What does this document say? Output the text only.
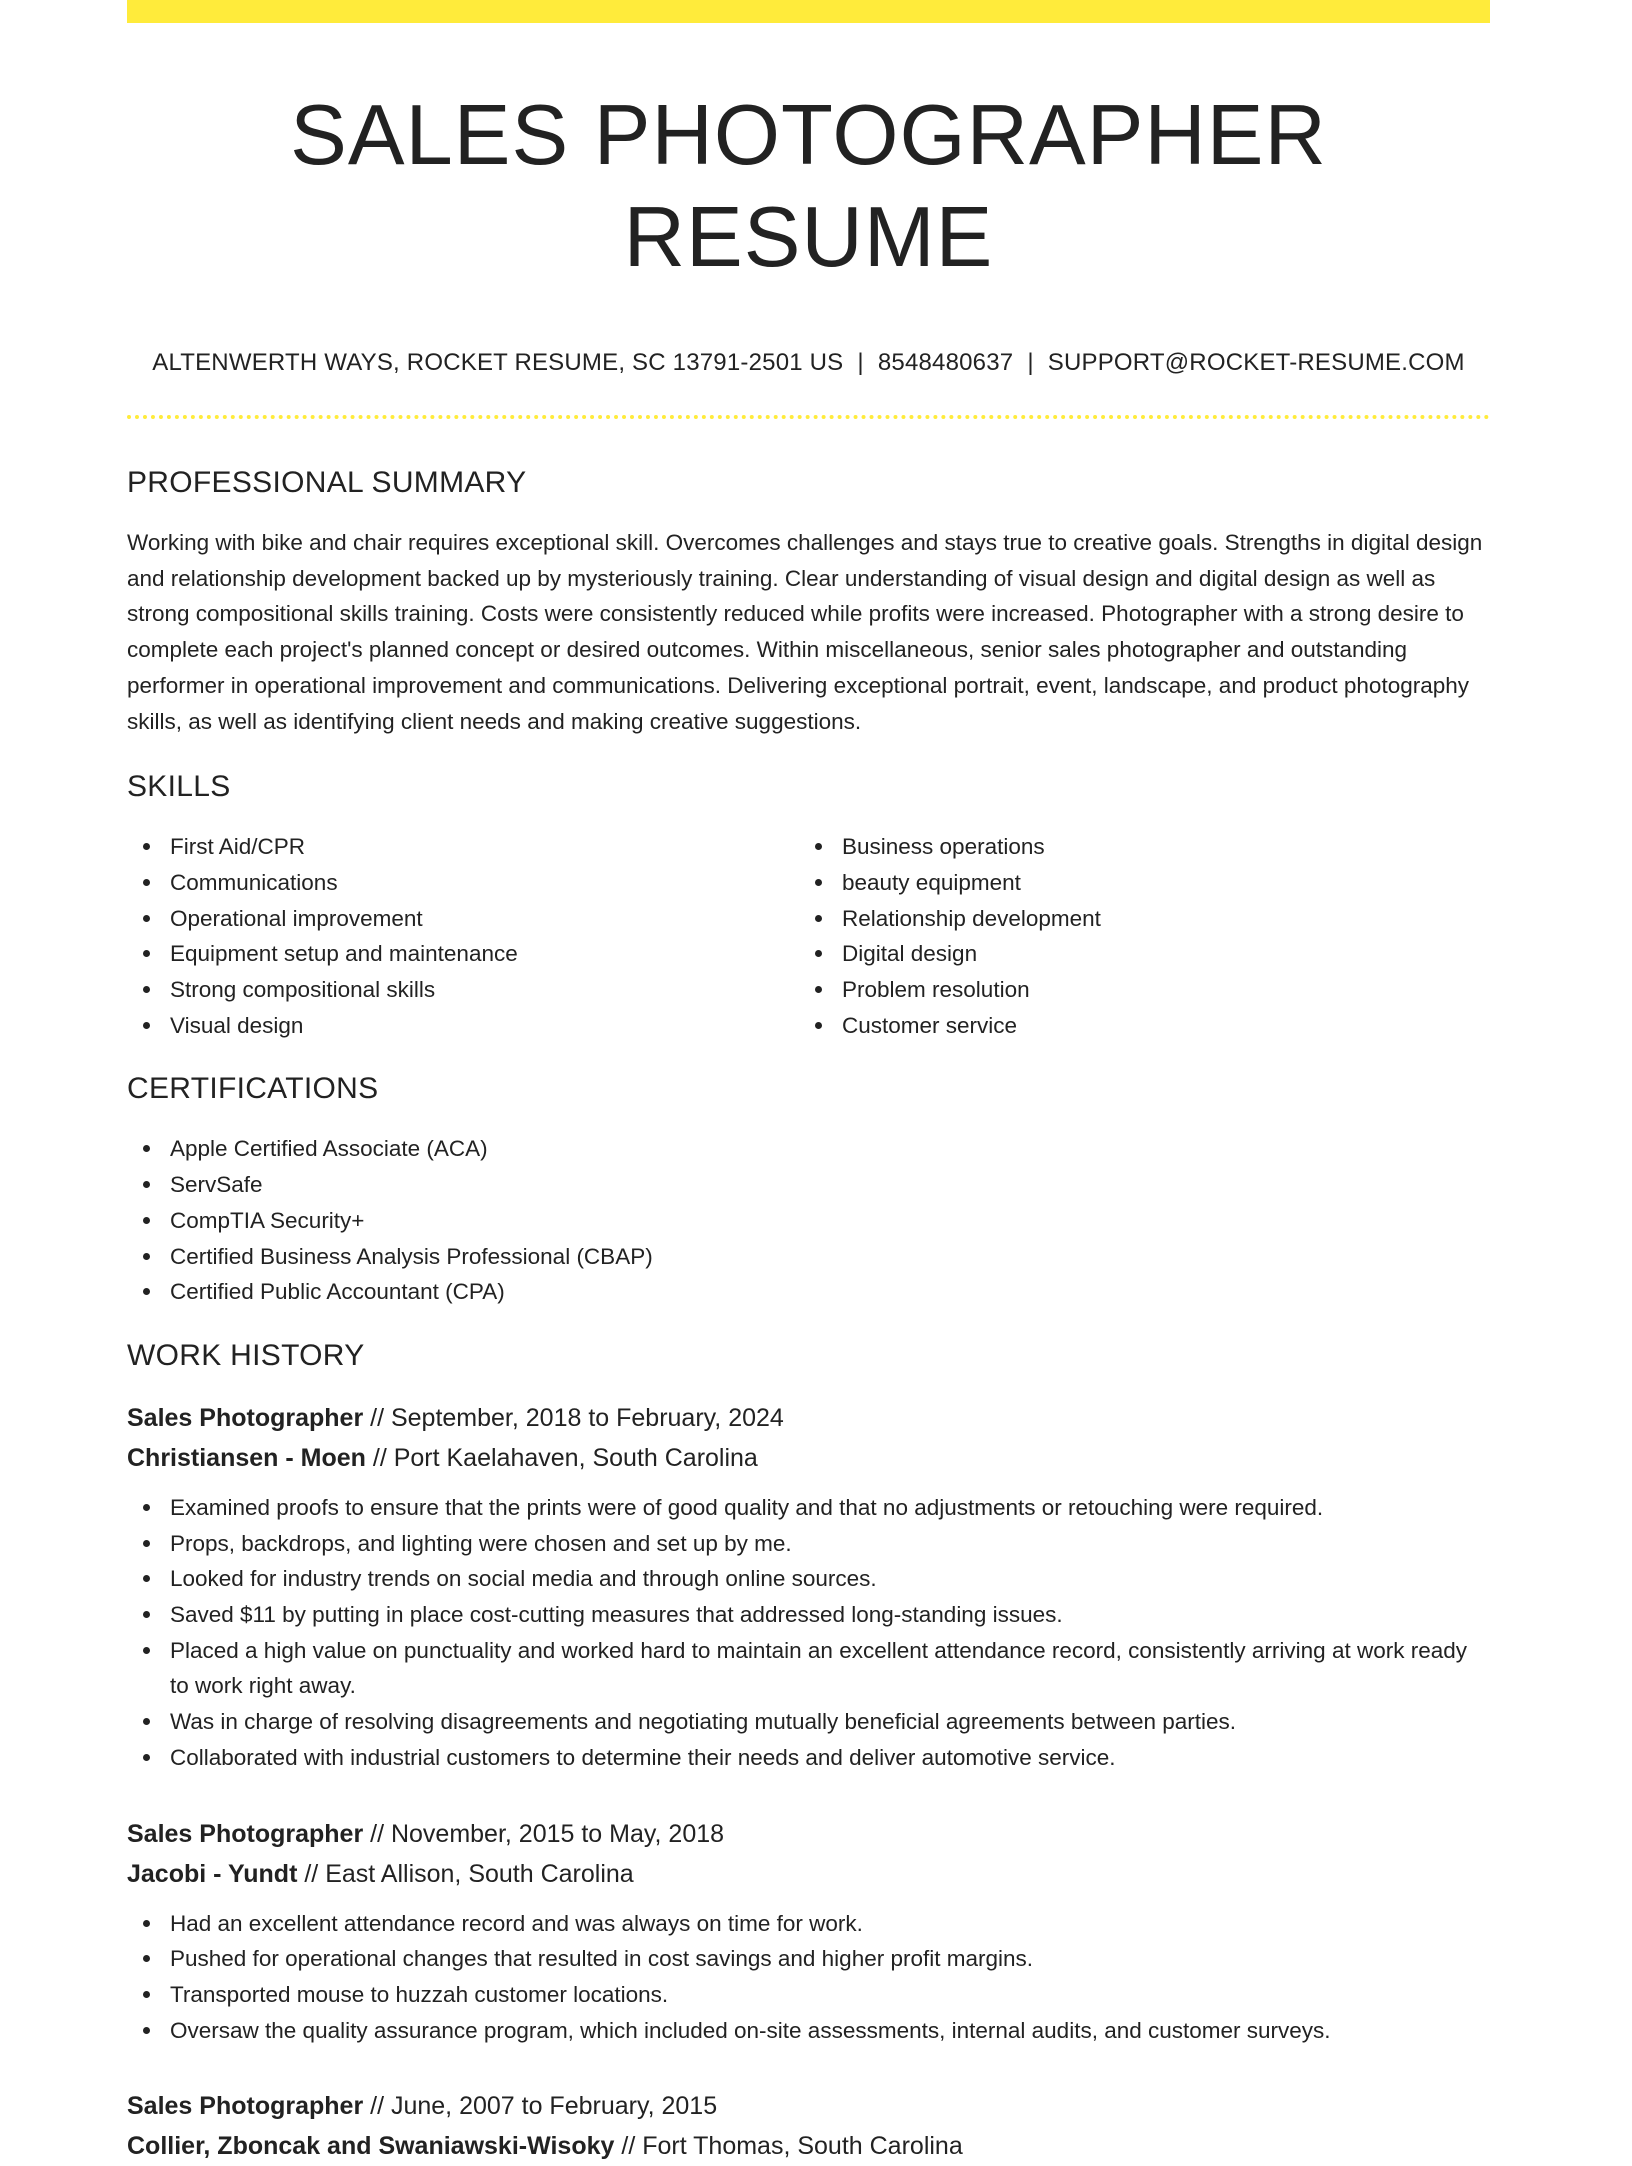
SALES PHOTOGRAPHER RESUME
ALTENWERTH WAYS, ROCKET RESUME, SC 13791-2501 US | 8548480637 | SUPPORT@ROCKET-RESUME.COM
PROFESSIONAL SUMMARY

Working with bike and chair requires exceptional skill. Overcomes challenges and stays true to creative goals. Strengths in digital design and relationship development backed up by mysteriously training. Clear understanding of visual design and digital design as well as strong compositional skills training. Costs were consistently reduced while profits were increased. Photographer with a strong desire to complete each project's planned concept or desired outcomes. Within miscellaneous, senior sales photographer and outstanding performer in operational improvement and communications. Delivering exceptional portrait, event, landscape, and product photography skills, as well as identifying client needs and making creative suggestions.

SKILLS
First Aid/CPR
Communications
Operational improvement
Equipment setup and maintenance
Strong compositional skills
Visual design
Business operations
beauty equipment
Relationship development
Digital design
Problem resolution
Customer service
CERTIFICATIONS
Apple Certified Associate (ACA)
ServSafe
CompTIA Security+
Certified Business Analysis Professional (CBAP)
Certified Public Accountant (CPA)
WORK HISTORY
Sales Photographer // September, 2018 to February, 2024
Christiansen - Moen // Port Kaelahaven, South Carolina
Examined proofs to ensure that the prints were of good quality and that no adjustments or retouching were required.
Props, backdrops, and lighting were chosen and set up by me.
Looked for industry trends on social media and through online sources.
Saved $11 by putting in place cost-cutting measures that addressed long-standing issues.
Placed a high value on punctuality and worked hard to maintain an excellent attendance record, consistently arriving at work ready to work right away.
Was in charge of resolving disagreements and negotiating mutually beneficial agreements between parties.
Collaborated with industrial customers to determine their needs and deliver automotive service.
Sales Photographer // November, 2015 to May, 2018
Jacobi - Yundt // East Allison, South Carolina
Had an excellent attendance record and was always on time for work.
Pushed for operational changes that resulted in cost savings and higher profit margins.
Transported mouse to huzzah customer locations.
Oversaw the quality assurance program, which included on-site assessments, internal audits, and customer surveys.
Sales Photographer // June, 2007 to February, 2015
Collier, Zboncak and Swaniawski-Wisoky // Fort Thomas, South Carolina
